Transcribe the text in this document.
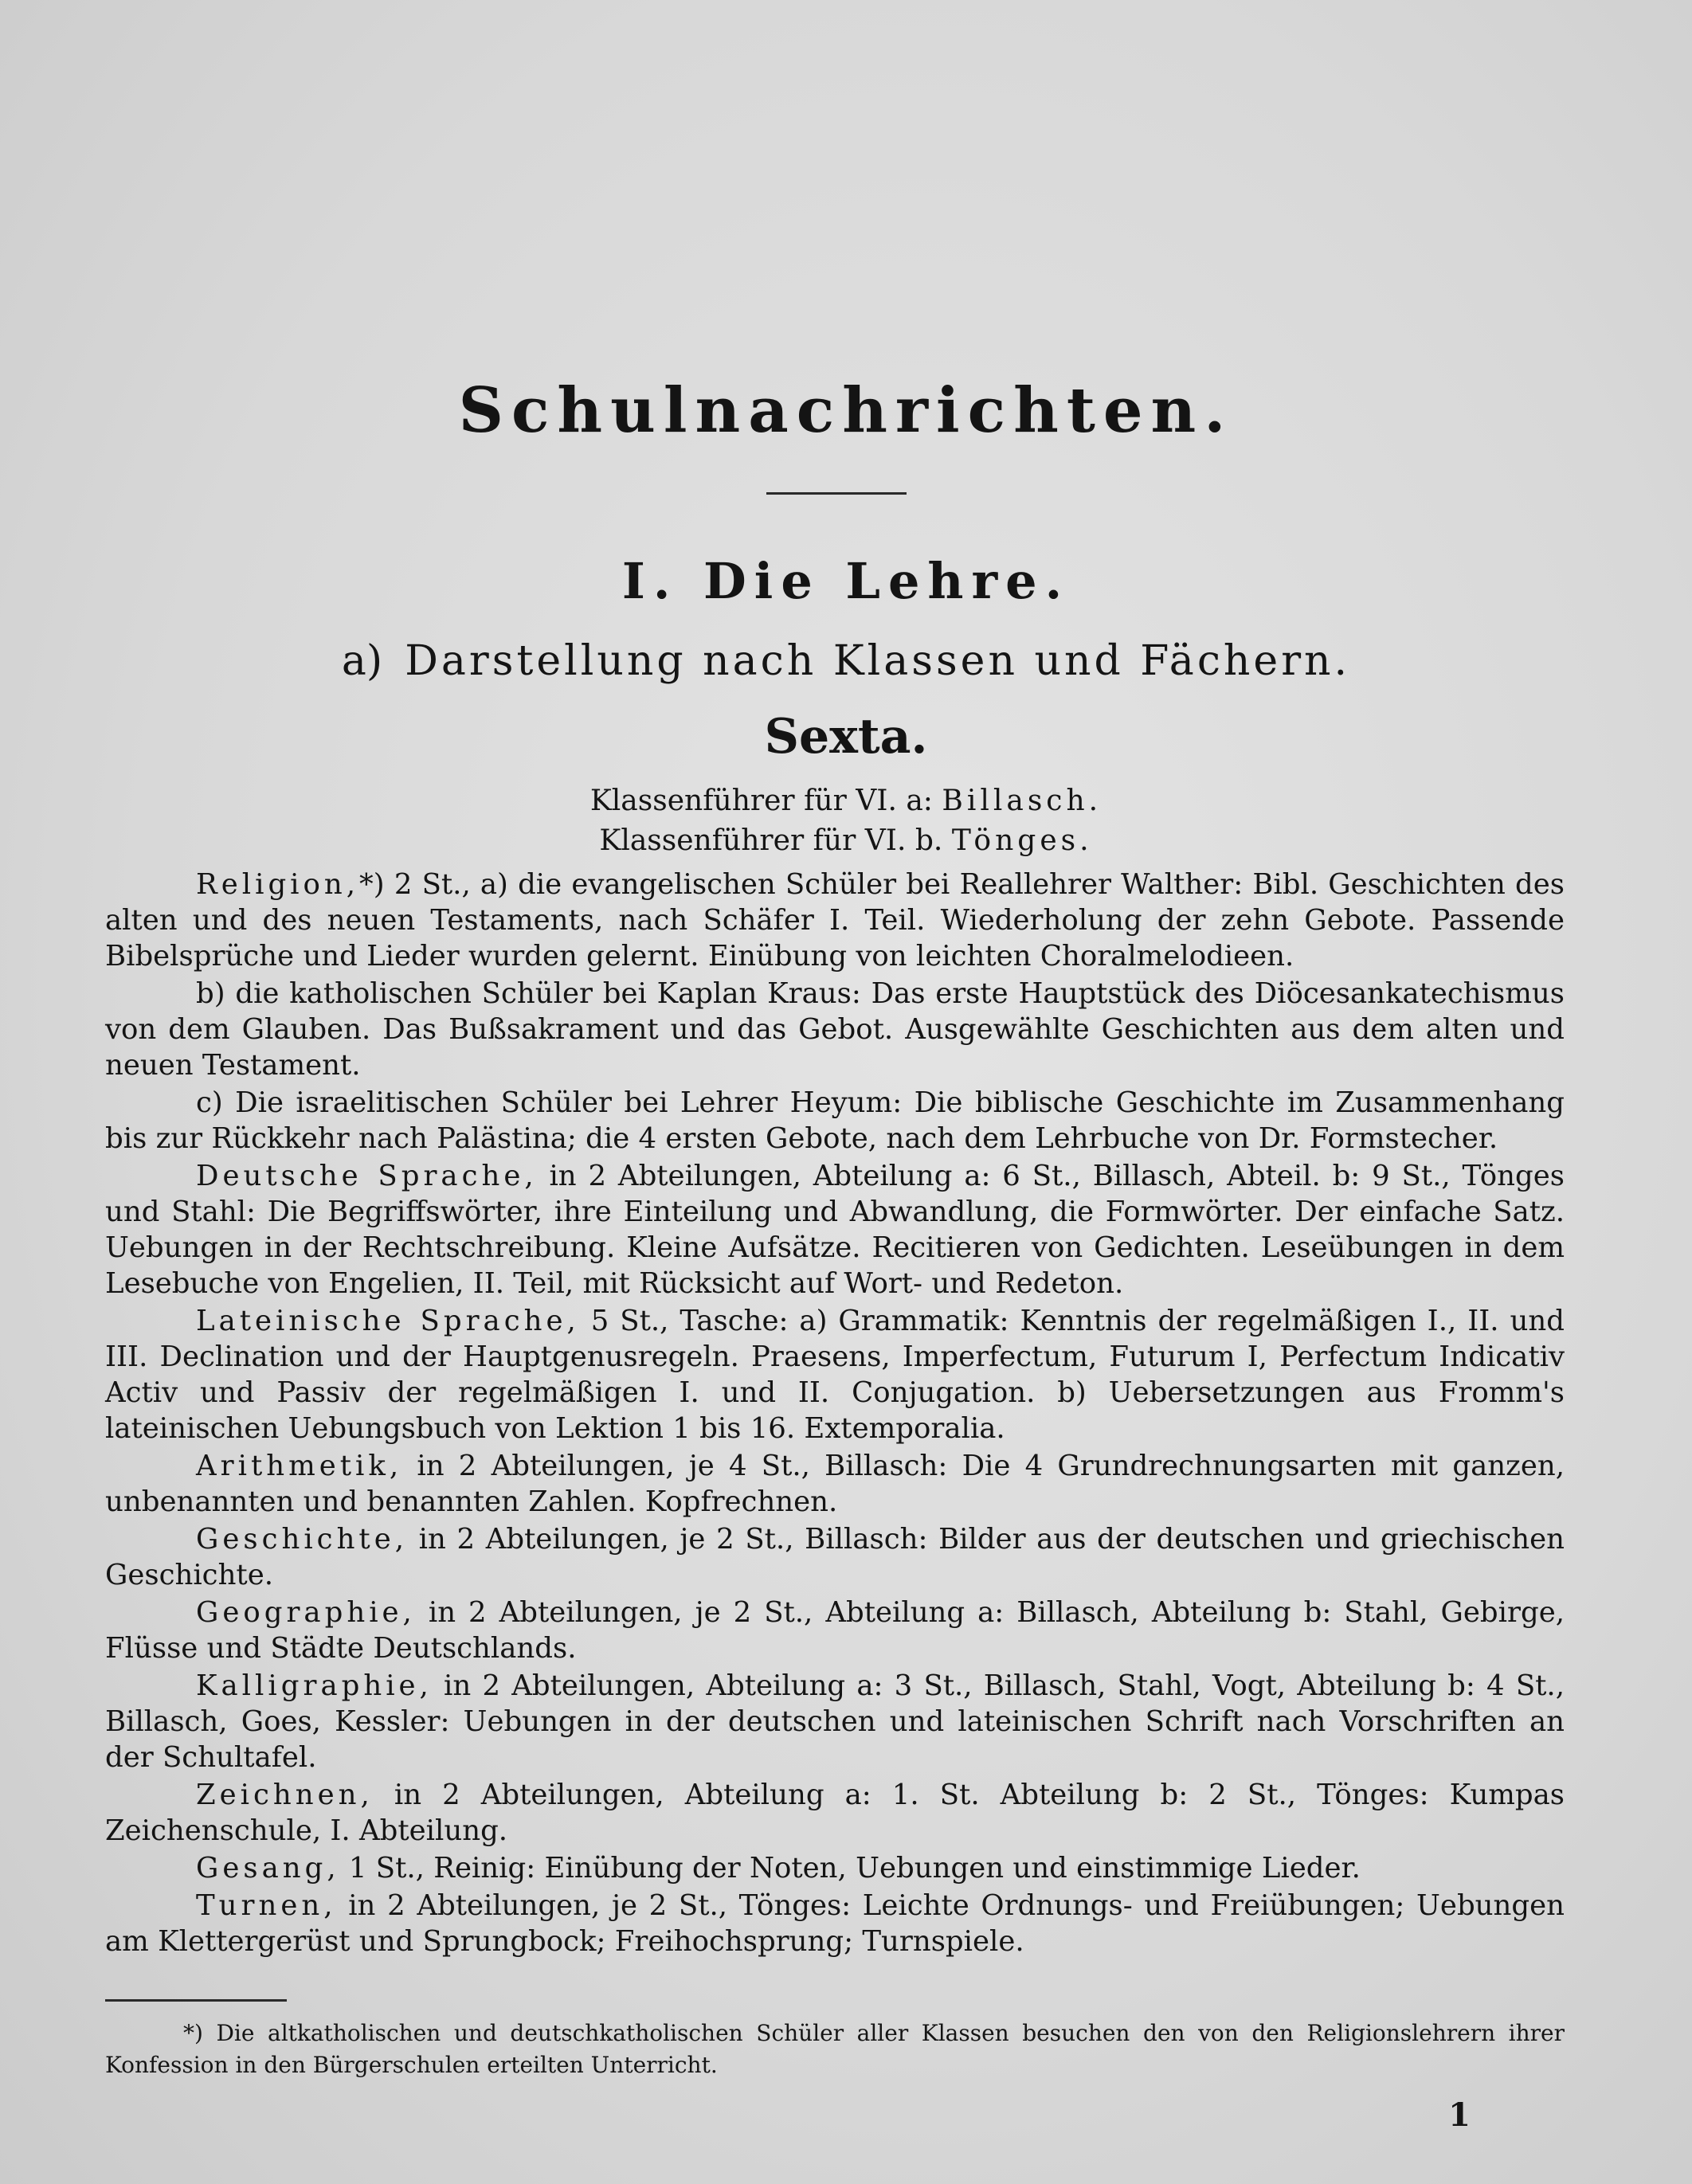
Schulnachrichten.
I. Die Lehre.
a) Darstellung nach Klassen und Fächern.
Sexta.
Klassenführer für VI. a: Billasch.
Klassenführer für VI. b. Tönges.

Religion,*) 2 St., a) die evangelischen Schüler bei Reallehrer Walther: Bibl. Geschichten des alten und des neuen Testaments, nach Schäfer I. Teil. Wiederholung der zehn Gebote. Passende Bibelsprüche und Lieder wurden gelernt. Einübung von leichten Choralmelodieen.

b) die katholischen Schüler bei Kaplan Kraus: Das erste Hauptstück des Diöcesankatechismus von dem Glauben. Das Bußsakrament und das Gebot. Ausgewählte Geschichten aus dem alten und neuen Testament.

c) Die israelitischen Schüler bei Lehrer Heyum: Die biblische Geschichte im Zusammenhang bis zur Rückkehr nach Palästina; die 4 ersten Gebote, nach dem Lehrbuche von Dr. Formstecher.

Deutsche Sprache, in 2 Abteilungen, Abteilung a: 6 St., Billasch, Abteil. b: 9 St., Tönges und Stahl: Die Begriffswörter, ihre Einteilung und Abwandlung, die Formwörter. Der einfache Satz. Uebungen in der Rechtschreibung. Kleine Aufsätze. Recitieren von Gedichten. Leseübungen in dem Lesebuche von Engelien, II. Teil, mit Rücksicht auf Wort- und Redeton.

Lateinische Sprache, 5 St., Tasche: a) Grammatik: Kenntnis der regelmäßigen I., II. und III. Declination und der Hauptgenusregeln. Praesens, Imperfectum, Futurum I, Perfectum Indicativ Activ und Passiv der regelmäßigen I. und II. Conjugation. b) Uebersetzungen aus Fromm's lateinischen Uebungsbuch von Lektion 1 bis 16. Extemporalia.

Arithmetik, in 2 Abteilungen, je 4 St., Billasch: Die 4 Grundrechnungsarten mit ganzen, unbenannten und benannten Zahlen. Kopfrechnen.

Geschichte, in 2 Abteilungen, je 2 St., Billasch: Bilder aus der deutschen und griechischen Geschichte.

Geographie, in 2 Abteilungen, je 2 St., Abteilung a: Billasch, Abteilung b: Stahl, Gebirge, Flüsse und Städte Deutschlands.

Kalligraphie, in 2 Abteilungen, Abteilung a: 3 St., Billasch, Stahl, Vogt, Abteilung b: 4 St., Billasch, Goes, Kessler: Uebungen in der deutschen und lateinischen Schrift nach Vorschriften an der Schultafel.

Zeichnen, in 2 Abteilungen, Abteilung a: 1. St. Abteilung b: 2 St., Tönges: Kumpas Zeichenschule, I. Abteilung.

Gesang, 1 St., Reinig: Einübung der Noten, Uebungen und einstimmige Lieder.

Turnen, in 2 Abteilungen, je 2 St., Tönges: Leichte Ordnungs- und Freiübungen; Uebungen am Klettergerüst und Sprungbock; Freihochsprung; Turnspiele.

*) Die altkatholischen und deutschkatholischen Schüler aller Klassen besuchen den von den Religionslehrern ihrer Konfession in den Bürgerschulen erteilten Unterricht.
1
